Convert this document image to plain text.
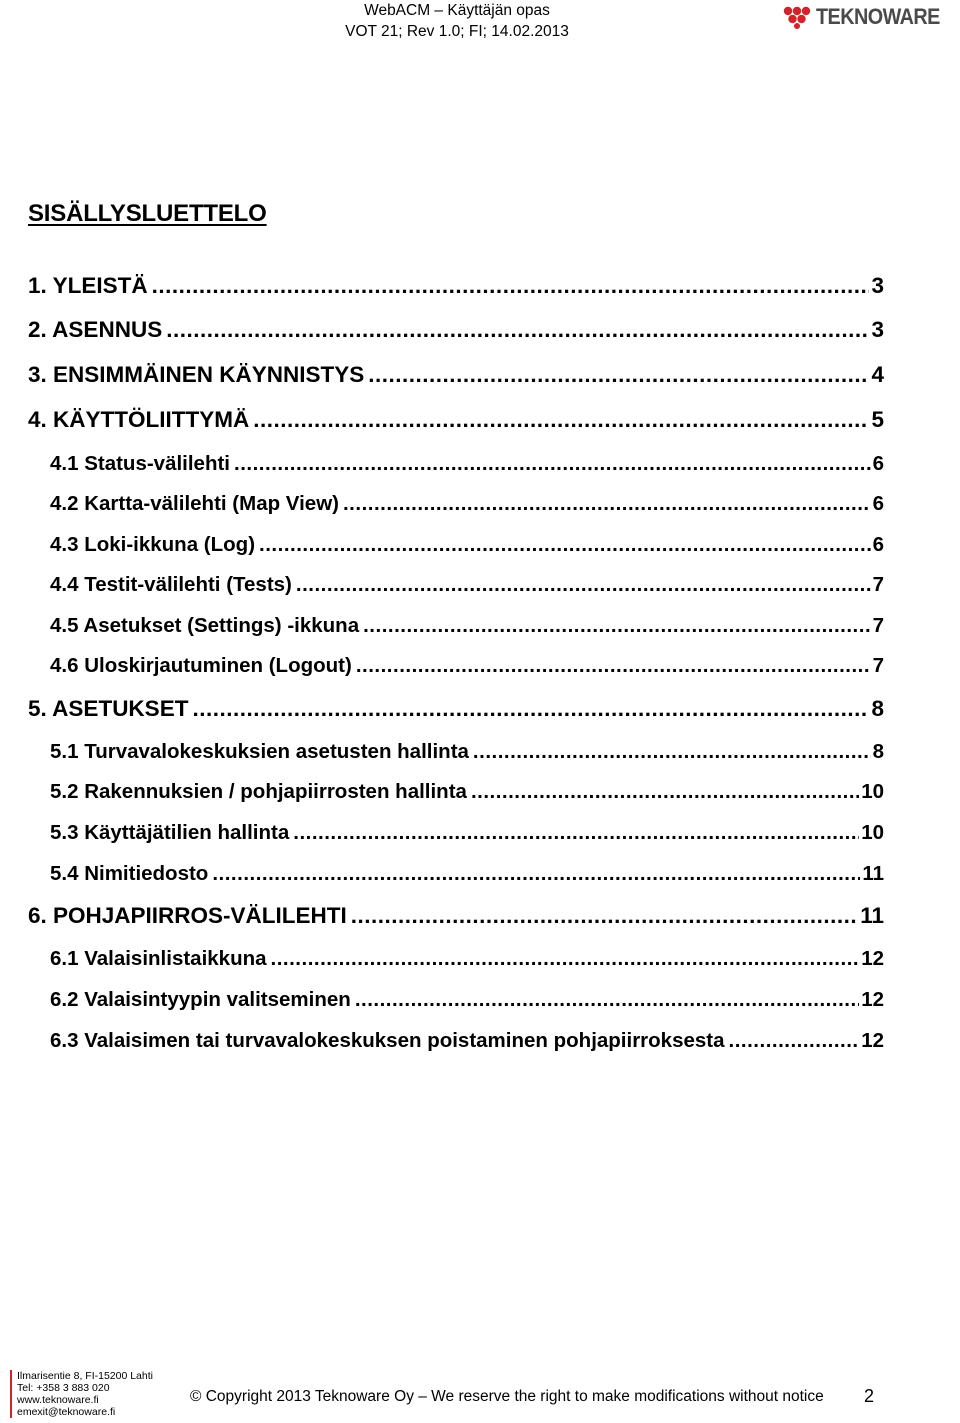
WebACM – Käyttäjän opas
VOT 21; Rev 1.0; FI; 14.02.2013
TEKNOWARE
SISÄLLYSLUETTELO
1. YLEISTÄ .....	3
2. ASENNUS .....	3
3. ENSIMMÄINEN KÄYNNISTYS .....	4
4. KÄYTTÖLIITTYMÄ .....	5
4.1 Status-välilehti .....	6
4.2 Kartta-välilehti (Map View) .....	6
4.3 Loki-ikkuna (Log) .....	6
4.4 Testit-välilehti (Tests) .....	7
4.5 Asetukset (Settings) -ikkuna .....	7
4.6 Uloskirjautuminen (Logout) .....	7
5. ASETUKSET .....	8
5.1 Turvavalokeskuksien asetusten hallinta .....	8
5.2 Rakennuksien / pohjapiirrosten hallinta .....	10
5.3 Käyttäjätilien hallinta .....	10
5.4 Nimitiedosto .....	11
6. POHJAPIIRROS-VÄLILEHTI .....	11
6.1 Valaisinlistaikkuna .....	12
6.2 Valaisintyypin valitseminen .....	12
6.3 Valaisimen tai turvavalokeskuksen poistaminen pohjapiirroksesta .....	12
Ilmarisentie 8, FI-15200 Lahti
Tel: +358 3 883 020
www.teknoware.fi
emexit@teknoware.fi
© Copyright 2013 Teknoware Oy – We reserve the right to make modifications without notice 2
